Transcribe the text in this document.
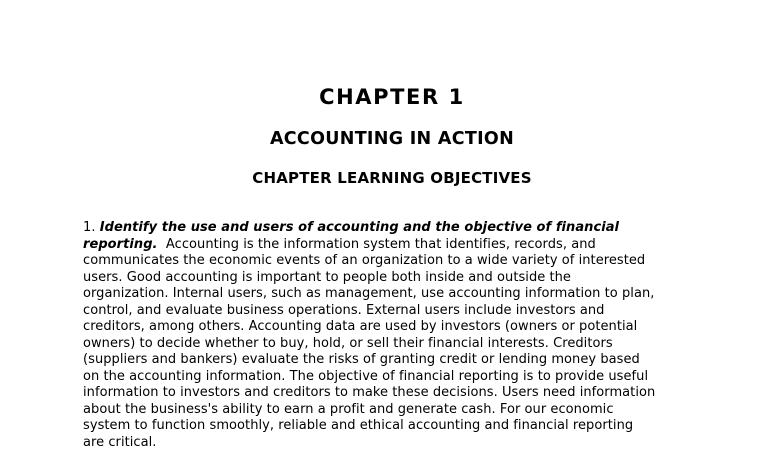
CHAPTER 1
ACCOUNTING IN ACTION
CHAPTER LEARNING OBJECTIVES
1. Identify the use and users of accounting and the objective of financial
reporting. Accounting is the information system that identifies, records, and
communicates the economic events of an organization to a wide variety of interested
users. Good accounting is important to people both inside and outside the
organization. Internal users, such as management, use accounting information to plan,
control, and evaluate business operations. External users include investors and
creditors, among others. Accounting data are used by investors (owners or potential
owners) to decide whether to buy, hold, or sell their financial interests. Creditors
(suppliers and bankers) evaluate the risks of granting credit or lending money based
on the accounting information. The objective of financial reporting is to provide useful
information to investors and creditors to make these decisions. Users need information
about the business's ability to earn a profit and generate cash. For our economic
system to function smoothly, reliable and ethical accounting and financial reporting
are critical.
